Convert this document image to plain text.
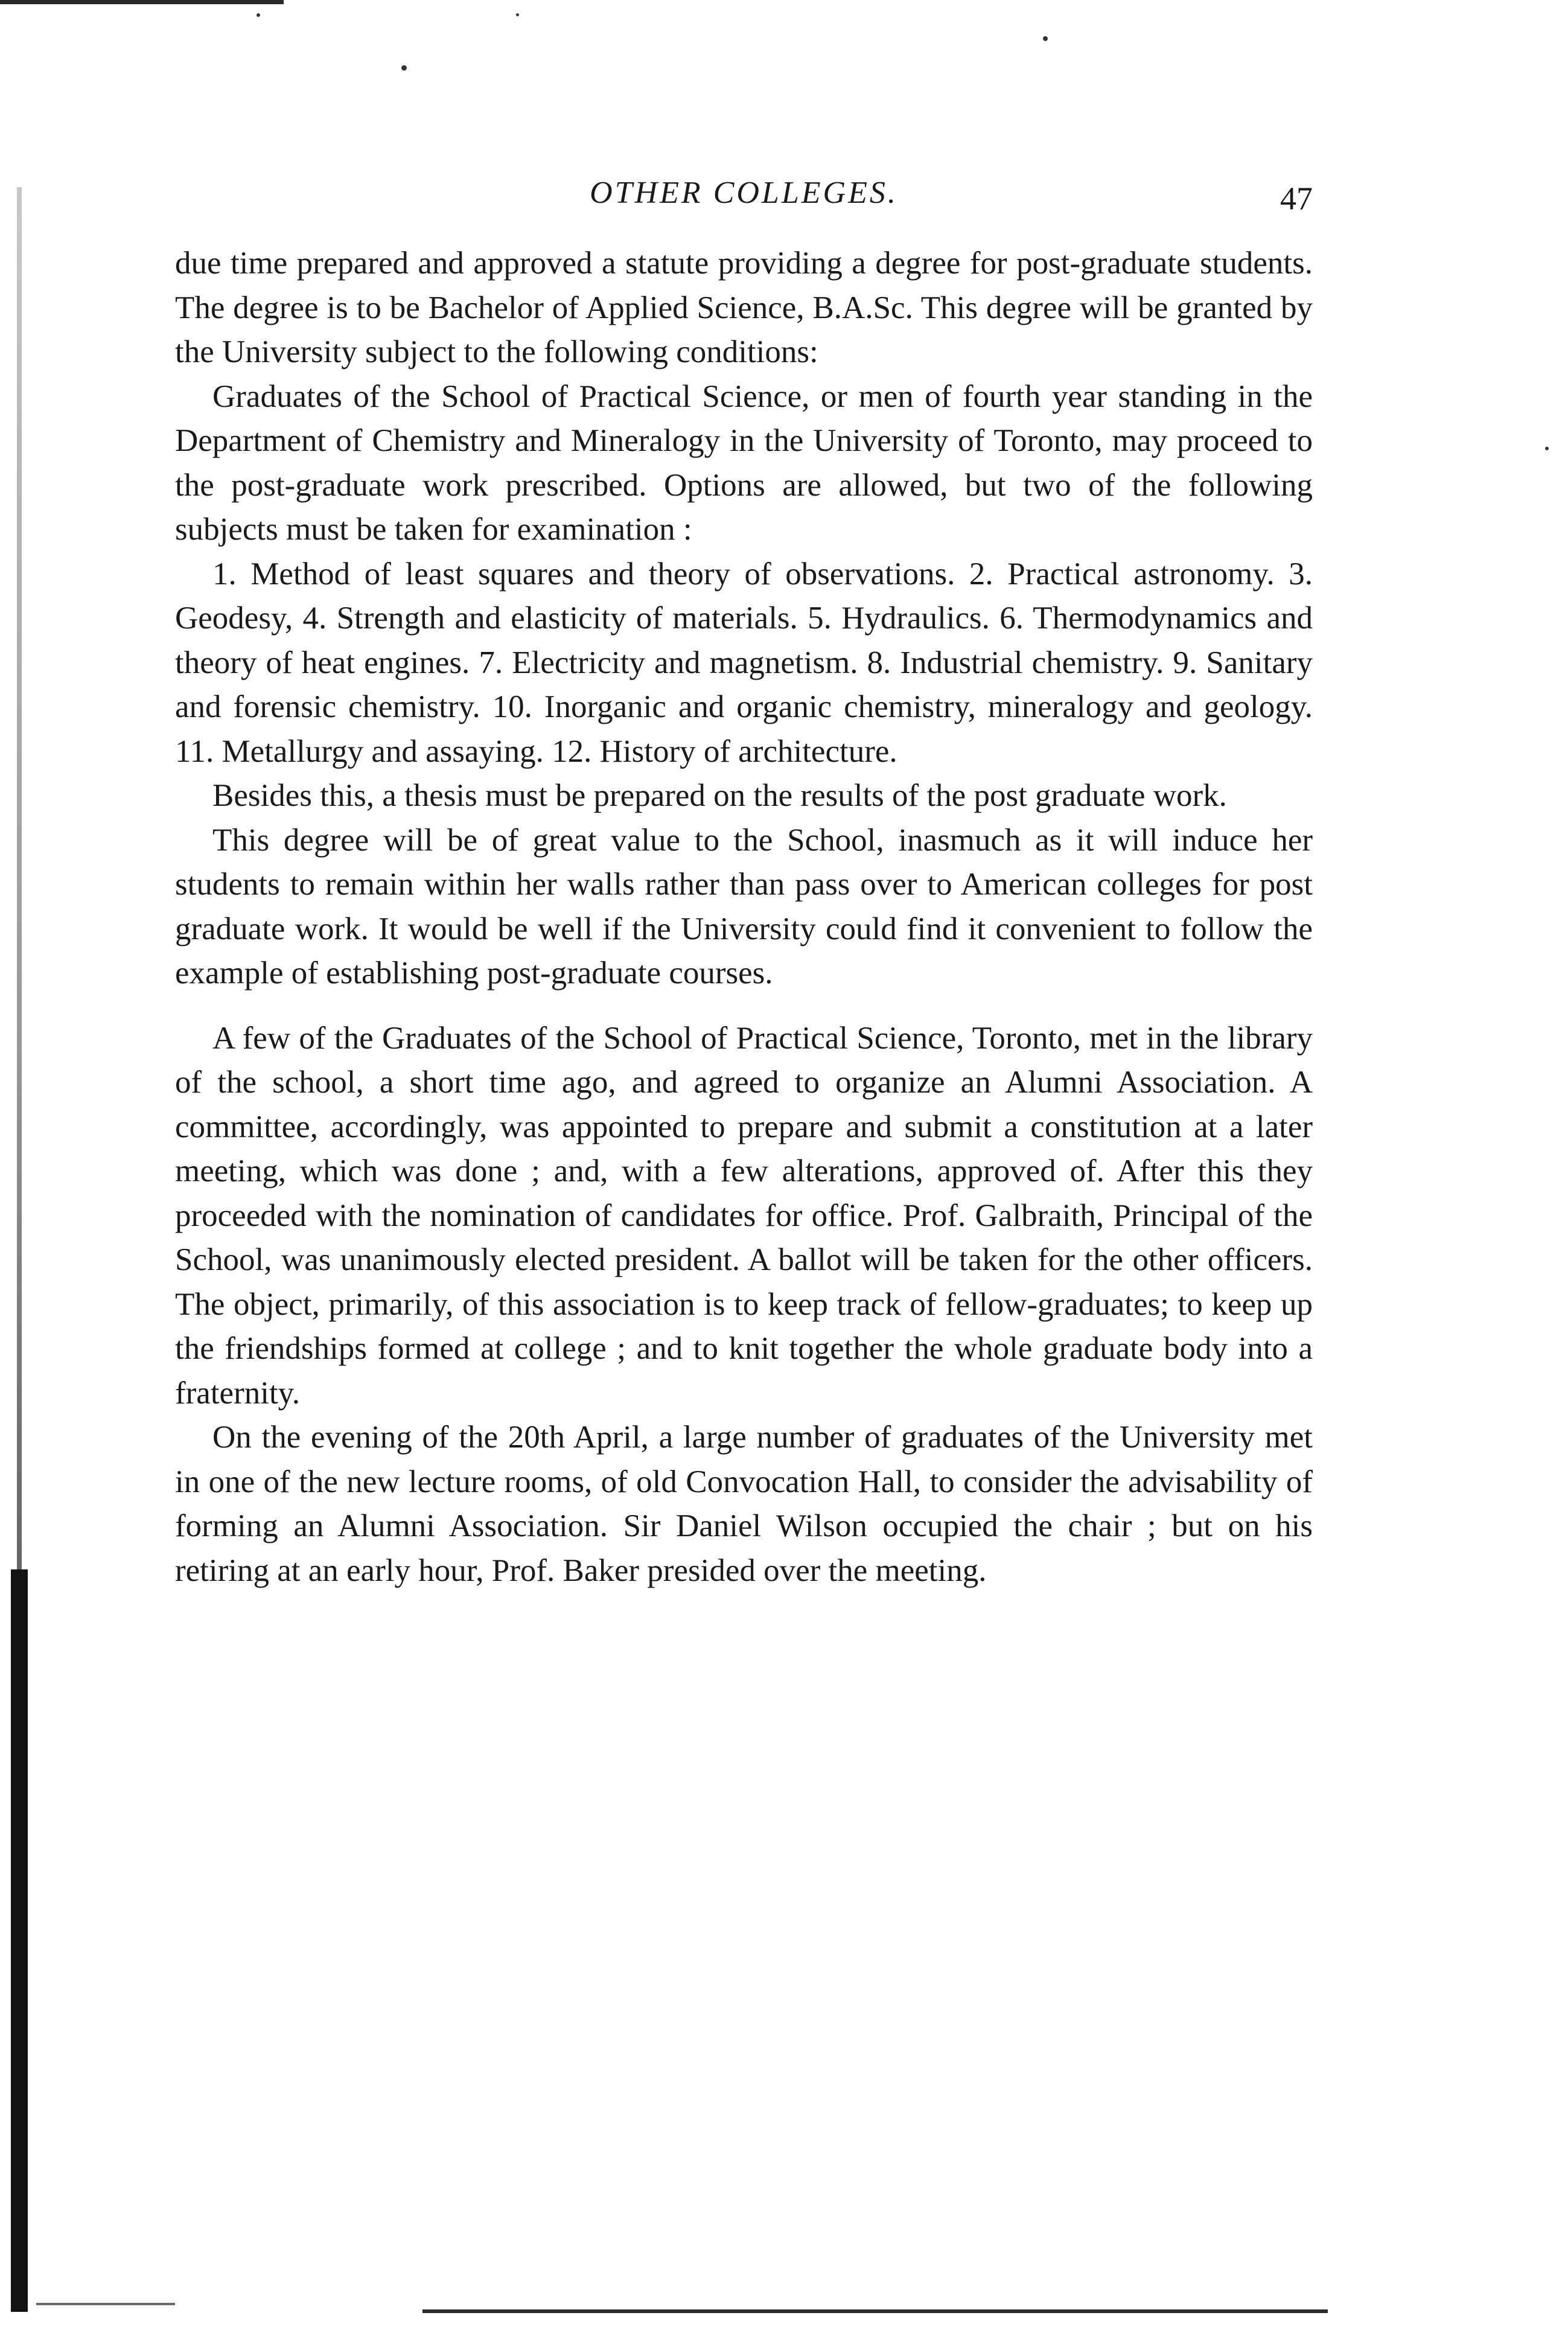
OTHER COLLEGES.	47

due time prepared and approved a statute providing a degree for post-graduate students. The degree is to be Bachelor of Applied Science, B.A.Sc. This degree will be granted by the University subject to the following conditions:

Graduates of the School of Practical Science, or men of fourth year standing in the Department of Chemistry and Mineralogy in the University of Toronto, may proceed to the post-graduate work prescribed. Options are allowed, but two of the following subjects must be taken for examination :

1. Method of least squares and theory of observations. 2. Practical astronomy. 3. Geodesy, 4. Strength and elasticity of materials. 5. Hydraulics. 6. Thermodynamics and theory of heat engines. 7. Electricity and magnetism. 8. Industrial chemistry. 9. Sanitary and forensic chemistry. 10. Inorganic and organic chemistry, mineralogy and geology. 11. Metallurgy and assaying. 12. History of architecture.

Besides this, a thesis must be prepared on the results of the post graduate work.

This degree will be of great value to the School, inasmuch as it will induce her students to remain within her walls rather than pass over to American colleges for post graduate work. It would be well if the University could find it convenient to follow the example of establishing post-graduate courses.

A few of the Graduates of the School of Practical Science, Toronto, met in the library of the school, a short time ago, and agreed to organize an Alumni Association. A committee, accordingly, was appointed to prepare and submit a constitution at a later meeting, which was done ; and, with a few alterations, approved of. After this they proceeded with the nomination of candidates for office. Prof. Galbraith, Principal of the School, was unanimously elected president. A ballot will be taken for the other officers. The object, primarily, of this association is to keep track of fellow-graduates; to keep up the friendships formed at college ; and to knit together the whole graduate body into a fraternity.

On the evening of the 20th April, a large number of graduates of the University met in one of the new lecture rooms, of old Convocation Hall, to consider the advisability of forming an Alumni Association. Sir Daniel Wilson occupied the chair ; but on his retiring at an early hour, Prof. Baker presided over the meeting.
